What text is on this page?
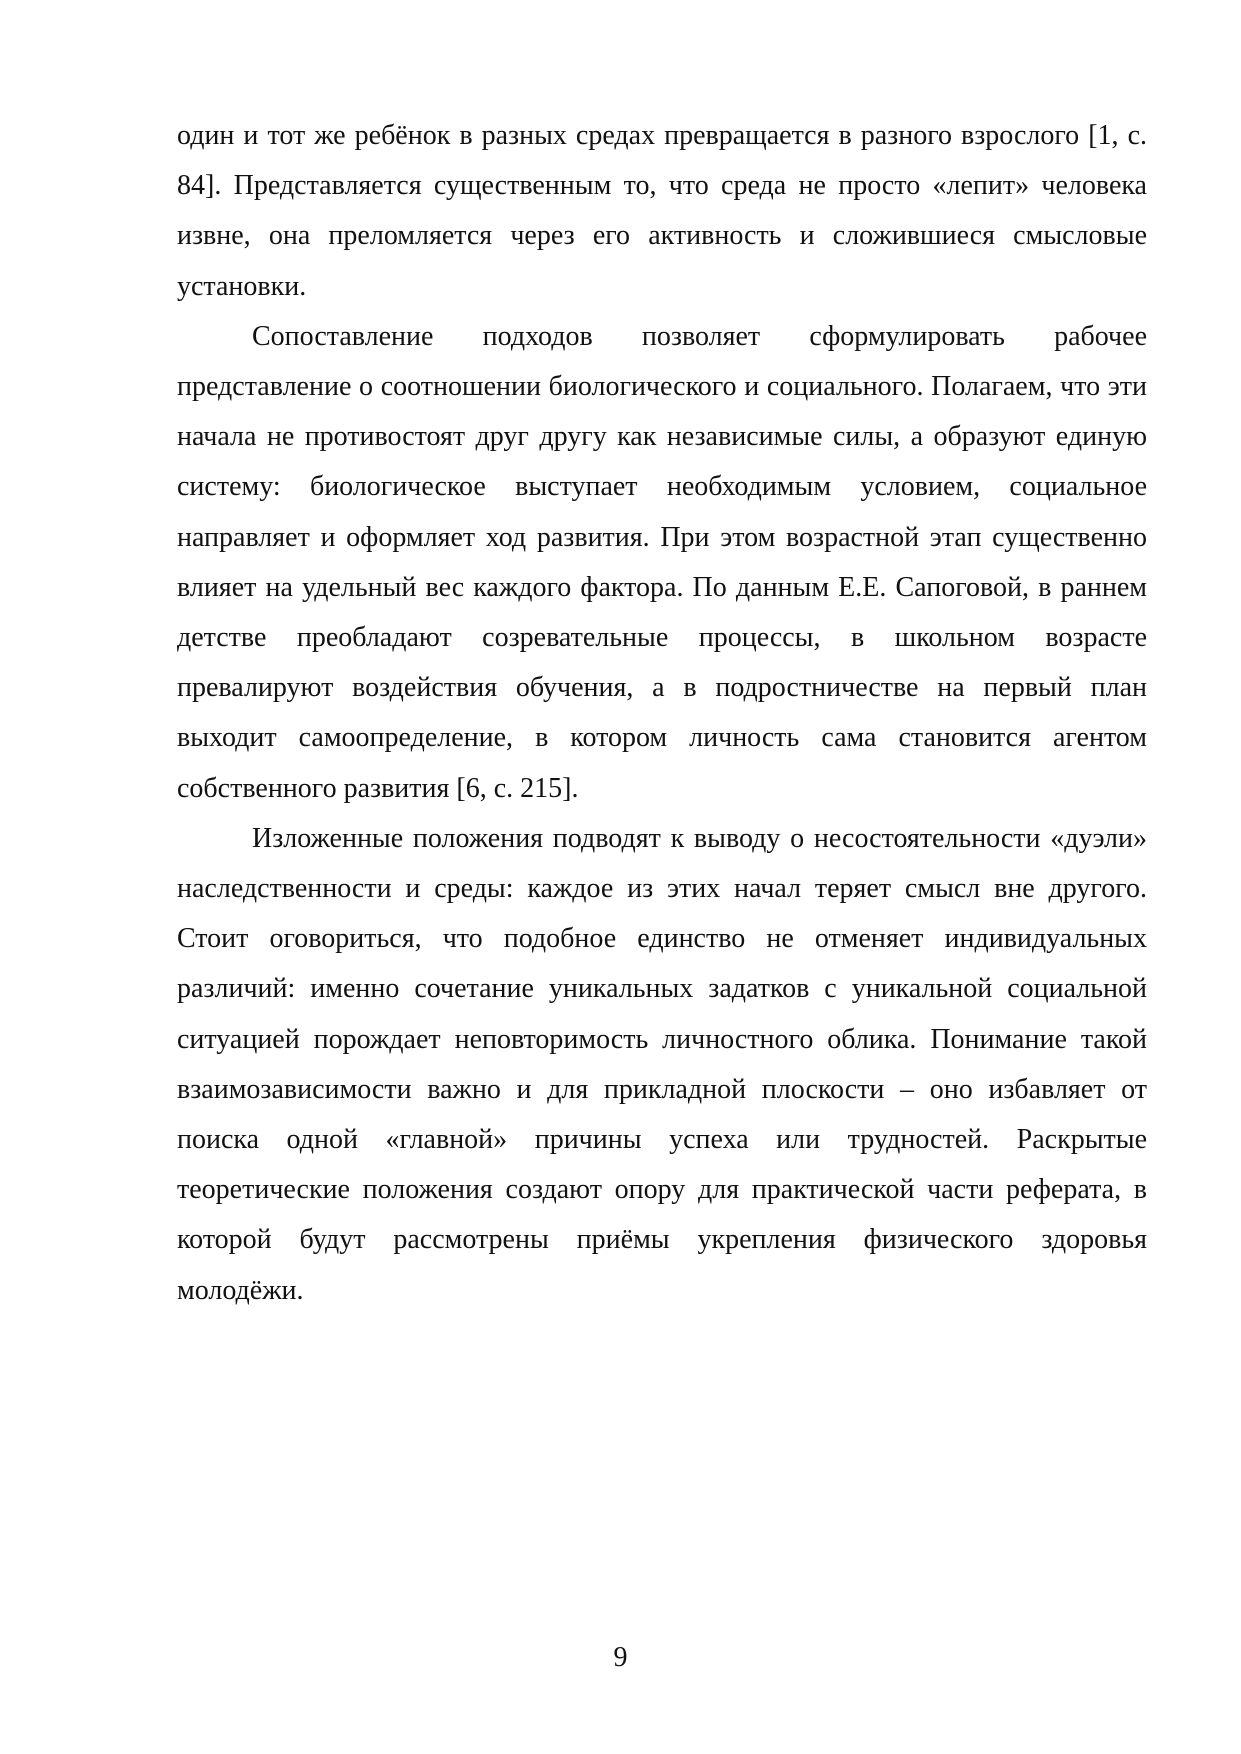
один и тот же ребёнок в разных средах превращается в разного взрослого [1, с. 84]. Представляется существенным то, что среда не просто «лепит» человека извне, она преломляется через его активность и сложившиеся смысловые установки.

Сопоставление подходов позволяет сформулировать рабочее представление о соотношении биологического и социального. Полагаем, что эти начала не противостоят друг другу как независимые силы, а образуют единую систему: биологическое выступает необходимым условием, социальное направляет и оформляет ход развития. При этом возрастной этап существенно влияет на удельный вес каждого фактора. По данным Е.Е. Сапоговой, в раннем детстве преобладают созревательные процессы, в школьном возрасте превалируют воздействия обучения, а в подростничестве на первый план выходит самоопределение, в котором личность сама становится агентом собственного развития [6, с. 215].

Изложенные положения подводят к выводу о несостоятельности «дуэли» наследственности и среды: каждое из этих начал теряет смысл вне другого. Стоит оговориться, что подобное единство не отменяет индивидуальных различий: именно сочетание уникальных задатков с уникальной социальной ситуацией порождает неповторимость личностного облика. Понимание такой взаимозависимости важно и для прикладной плоскости – оно избавляет от поиска одной «главной» причины успеха или трудностей. Раскрытые теоретические положения создают опору для практической части реферата, в которой будут рассмотрены приёмы укрепления физического здоровья молодёжи.

9
